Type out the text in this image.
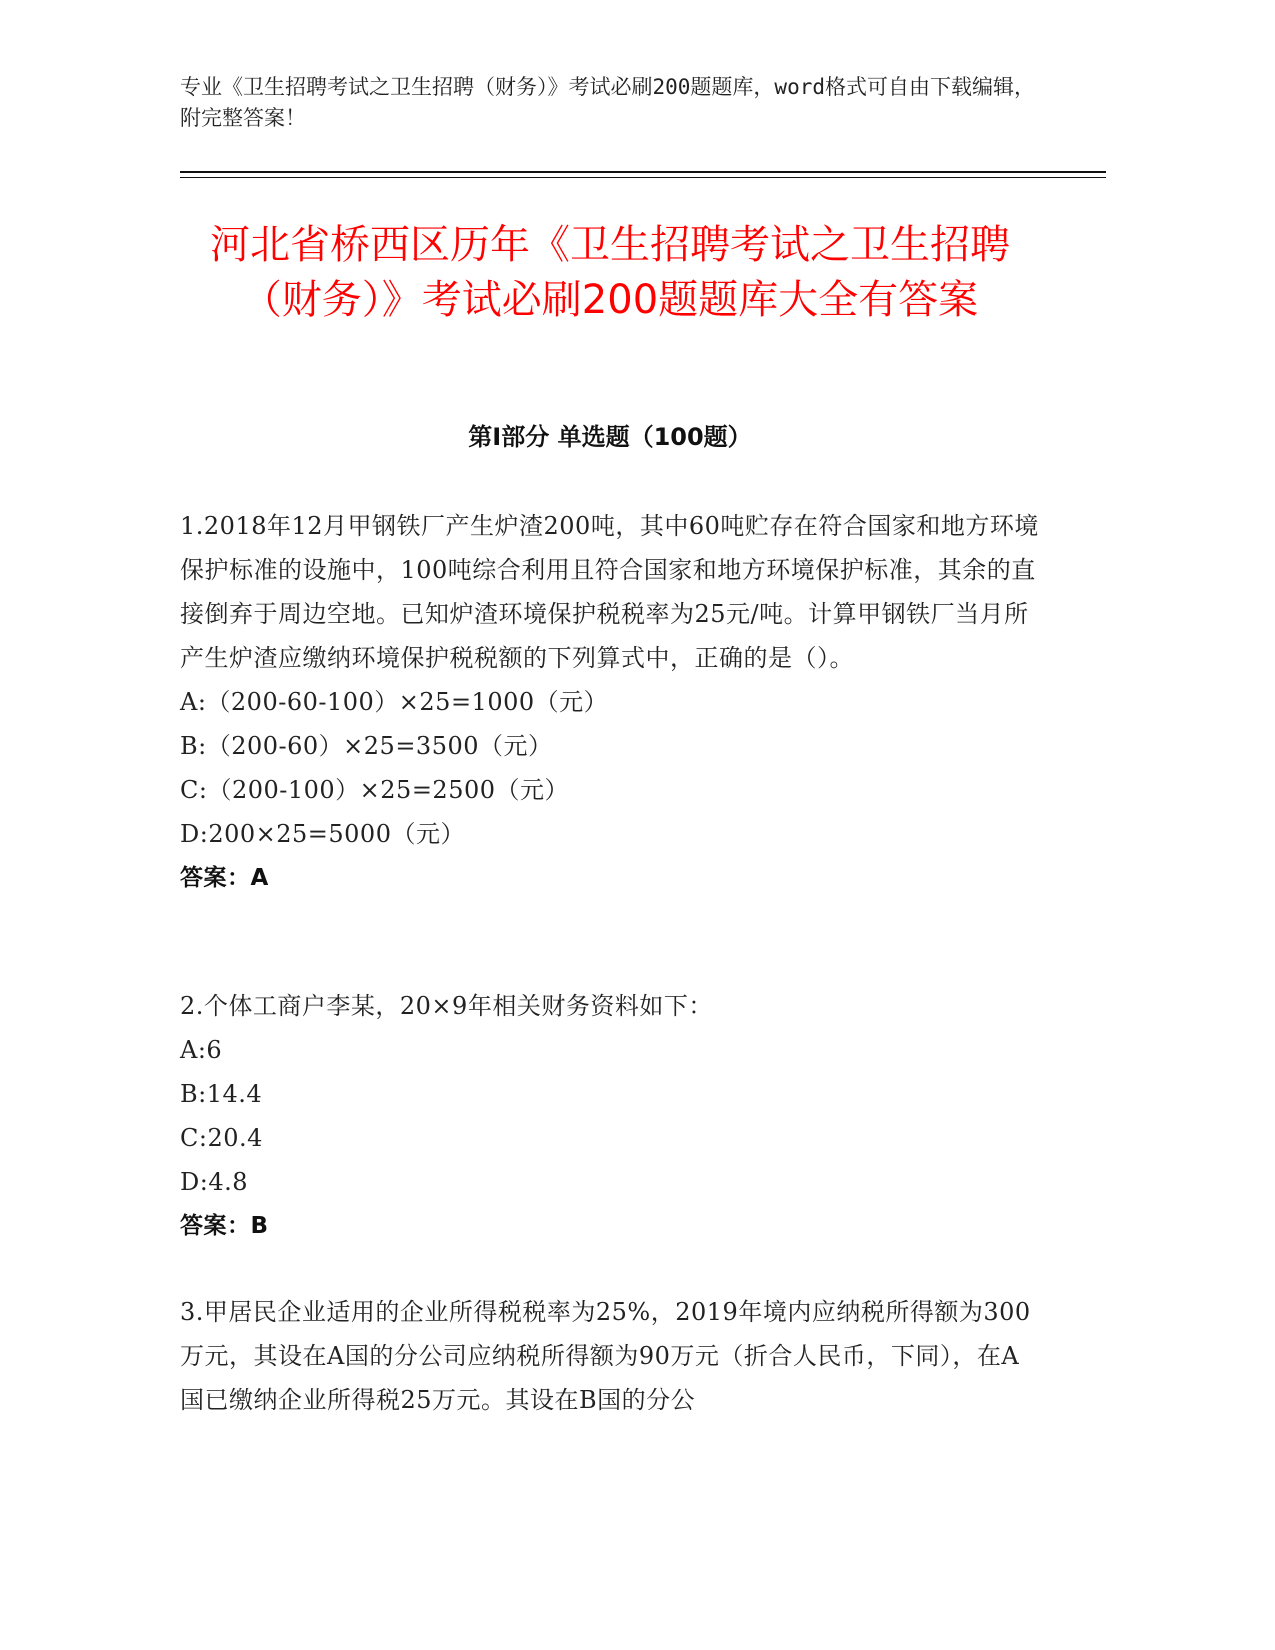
专业《卫生招聘考试之卫生招聘（财务）》考试必刷200题题库，word格式可自由下载编辑，附完整答案！
河北省桥西区历年《卫生招聘考试之卫生招聘（财务）》考试必刷200题题库大全有答案
第I部分 单选题（100题）

1.2018年12月甲钢铁厂产生炉渣200吨，其中60吨贮存在符合国家和地方环境保护标准的设施中，100吨综合利用且符合国家和地方环境保护标准，其余的直接倒弃于周边空地。已知炉渣环境保护税税率为25元/吨。计算甲钢铁厂当月所产生炉渣应缴纳环境保护税税额的下列算式中，正确的是（）。

A:（200-60-100）×25=1000（元）

B:（200-60）×25=3500（元）

C:（200-100）×25=2500（元）

D:200×25=5000（元）

答案：A

2.个体工商户李某，20×9年相关财务资料如下：

A:6

B:14.4

C:20.4

D:4.8

答案：B

3.甲居民企业适用的企业所得税税率为25%，2019年境内应纳税所得额为300万元，其设在A国的分公司应纳税所得额为90万元（折合人民币，下同），在A国已缴纳企业所得税25万元。其设在B国的分公
